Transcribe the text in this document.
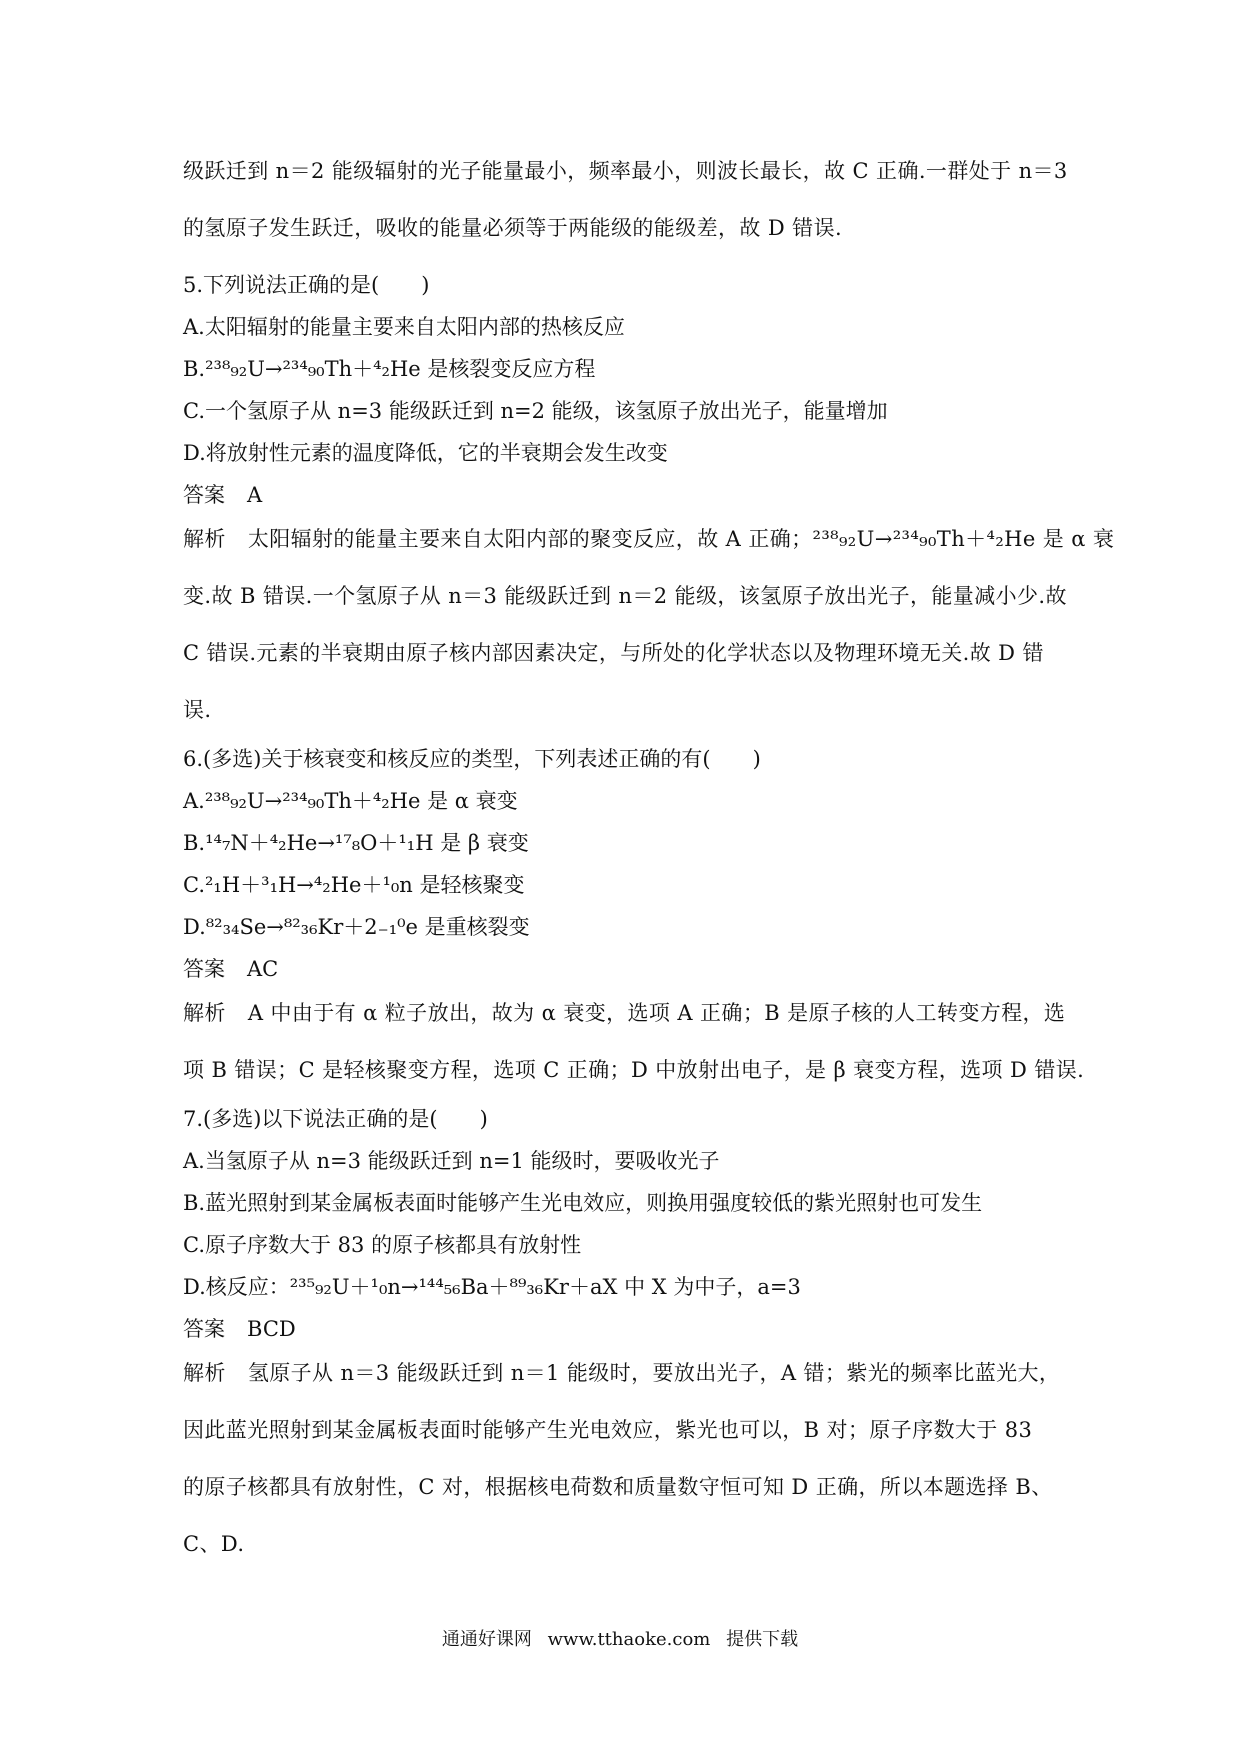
级跃迁到 n＝2 能级辐射的光子能量最小，频率最小，则波长最长，故 C 正确.一群处于 n＝3
的氢原子发生跃迁，吸收的能量必须等于两能级的能级差，故 D 错误.
5.下列说法正确的是(　　)
A.太阳辐射的能量主要来自太阳内部的热核反应
B.²³⁸₉₂U→²³⁴₉₀Th＋⁴₂He 是核裂变反应方程
C.一个氢原子从 n=3 能级跃迁到 n=2 能级，该氢原子放出光子，能量增加
D.将放射性元素的温度降低，它的半衰期会发生改变
答案 A
解析 太阳辐射的能量主要来自太阳内部的聚变反应，故 A 正确；²³⁸₉₂U→²³⁴₉₀Th＋⁴₂He 是 α 衰
变.故 B 错误.一个氢原子从 n＝3 能级跃迁到 n＝2 能级，该氢原子放出光子，能量减小少.故
C 错误.元素的半衰期由原子核内部因素决定，与所处的化学状态以及物理环境无关.故 D 错
误.
6.(多选)关于核衰变和核反应的类型，下列表述正确的有(　　)
A.²³⁸₉₂U→²³⁴₉₀Th＋⁴₂He 是 α 衰变
B.¹⁴₇N＋⁴₂He→¹⁷₈O＋¹₁H 是 β 衰变
C.²₁H＋³₁H→⁴₂He＋¹₀n 是轻核聚变
D.⁸²₃₄Se→⁸²₃₆Kr＋2₋₁⁰e 是重核裂变
答案 AC
解析 A 中由于有 α 粒子放出，故为 α 衰变，选项 A 正确；B 是原子核的人工转变方程，选
项 B 错误；C 是轻核聚变方程，选项 C 正确；D 中放射出电子，是 β 衰变方程，选项 D 错误.
7.(多选)以下说法正确的是(　　)
A.当氢原子从 n=3 能级跃迁到 n=1 能级时，要吸收光子
B.蓝光照射到某金属板表面时能够产生光电效应，则换用强度较低的紫光照射也可发生
C.原子序数大于 83 的原子核都具有放射性
D.核反应：²³⁵₉₂U＋¹₀n→¹⁴⁴₅₆Ba＋⁸⁹₃₆Kr＋aX 中 X 为中子，a=3
答案 BCD
解析 氢原子从 n＝3 能级跃迁到 n＝1 能级时，要放出光子，A 错；紫光的频率比蓝光大，
因此蓝光照射到某金属板表面时能够产生光电效应，紫光也可以，B 对；原子序数大于 83
的原子核都具有放射性，C 对，根据核电荷数和质量数守恒可知 D 正确，所以本题选择 B、
C、D.
通通好课网 www.tthaoke.com 提供下载
